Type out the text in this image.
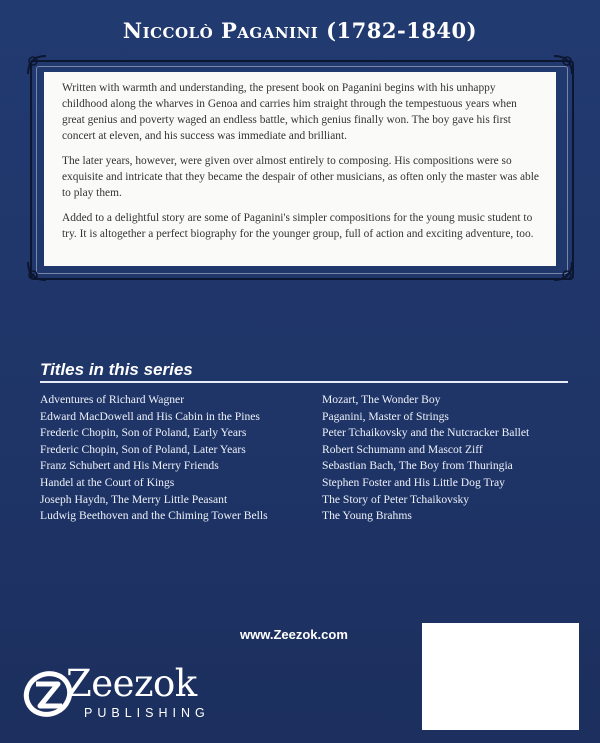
Niccolò Paganini (1782-1840)

Written with warmth and understanding, the present book on Paganini begins with his unhappy childhood along the wharves in Genoa and carries him straight through the tempestuous years when great genius and poverty waged an endless battle, which genius finally won. The boy gave his first concert at eleven, and his success was immediate and brilliant.

The later years, however, were given over almost entirely to composing. His compositions were so exquisite and intricate that they became the despair of other musicians, as often only the master was able to play them.

Added to a delightful story are some of Paganini's simpler compositions for the young music student to try. It is altogether a perfect biography for the younger group, full of action and exciting adventure, too.

Titles in this series
Adventures of Richard Wagner
Edward MacDowell and His Cabin in the Pines
Frederic Chopin, Son of Poland, Early Years
Frederic Chopin, Son of Poland, Later Years
Franz Schubert and His Merry Friends
Handel at the Court of Kings
Joseph Haydn, The Merry Little Peasant
Ludwig Beethoven and the Chiming Tower Bells
Mozart, The Wonder Boy
Paganini, Master of Strings
Peter Tchaikovsky and the Nutcracker Ballet
Robert Schumann and Mascot Ziff
Sebastian Bach, The Boy from Thuringia
Stephen Foster and His Little Dog Tray
The Story of Peter Tchaikovsky
The Young Brahms
www.Zeezok.com
Zeezok
PUBLISHING
